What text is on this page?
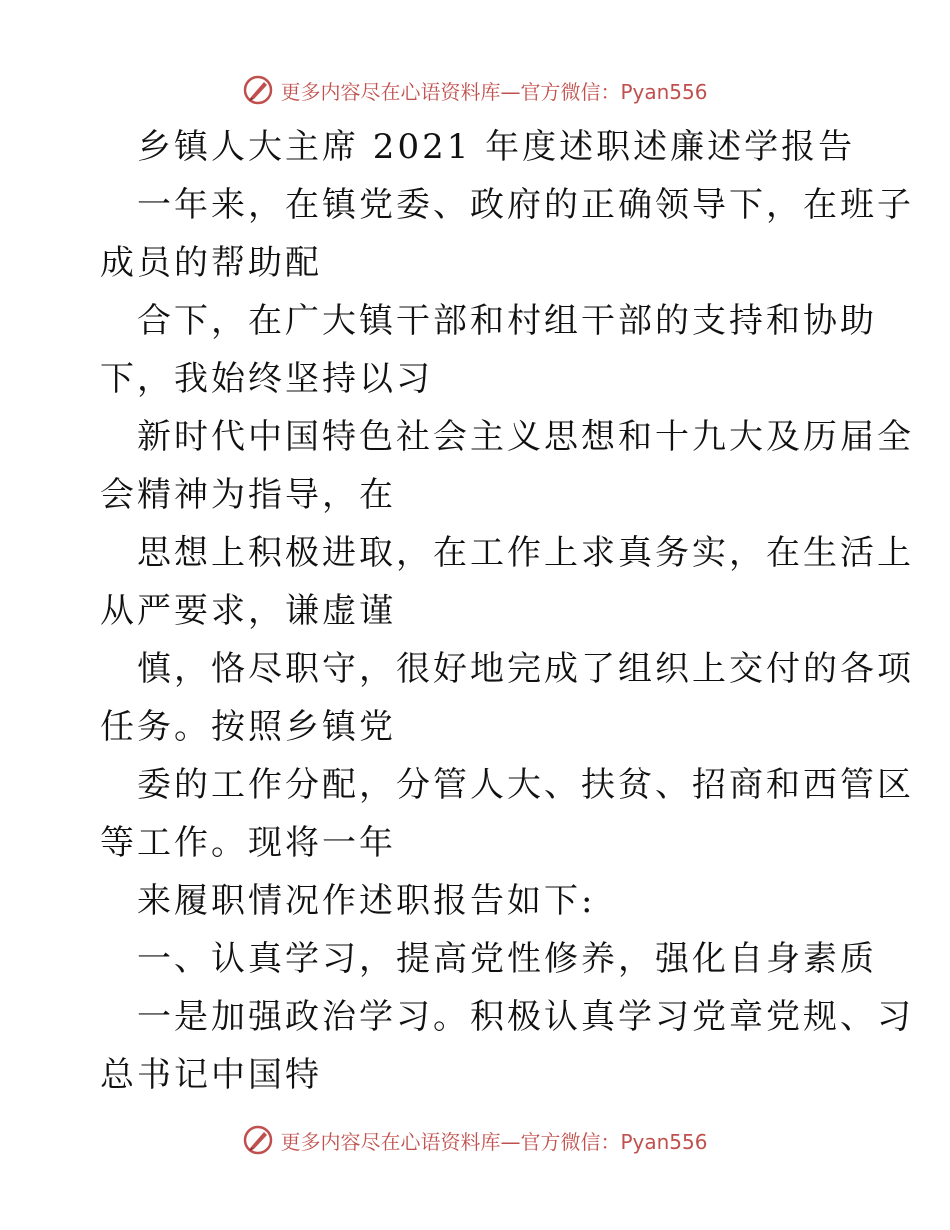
更多内容尽在心语资料库—官方微信：Pyan556
乡镇人大主席 2021 年度述职述廉述学报告
一年来，在镇党委、政府的正确领导下，在班子
成员的帮助配
合下，在广大镇干部和村组干部的支持和协助
下，我始终坚持以习
新时代中国特色社会主义思想和十九大及历届全
会精神为指导，在
思想上积极进取，在工作上求真务实，在生活上
从严要求，谦虚谨
慎，恪尽职守，很好地完成了组织上交付的各项
任务。按照乡镇党
委的工作分配，分管人大、扶贫、招商和西管区
等工作。现将一年
来履职情况作述职报告如下:
一、认真学习，提高党性修养，强化自身素质
一是加强政治学习。积极认真学习党章党规、习
总书记中国特
更多内容尽在心语资料库—官方微信：Pyan556
